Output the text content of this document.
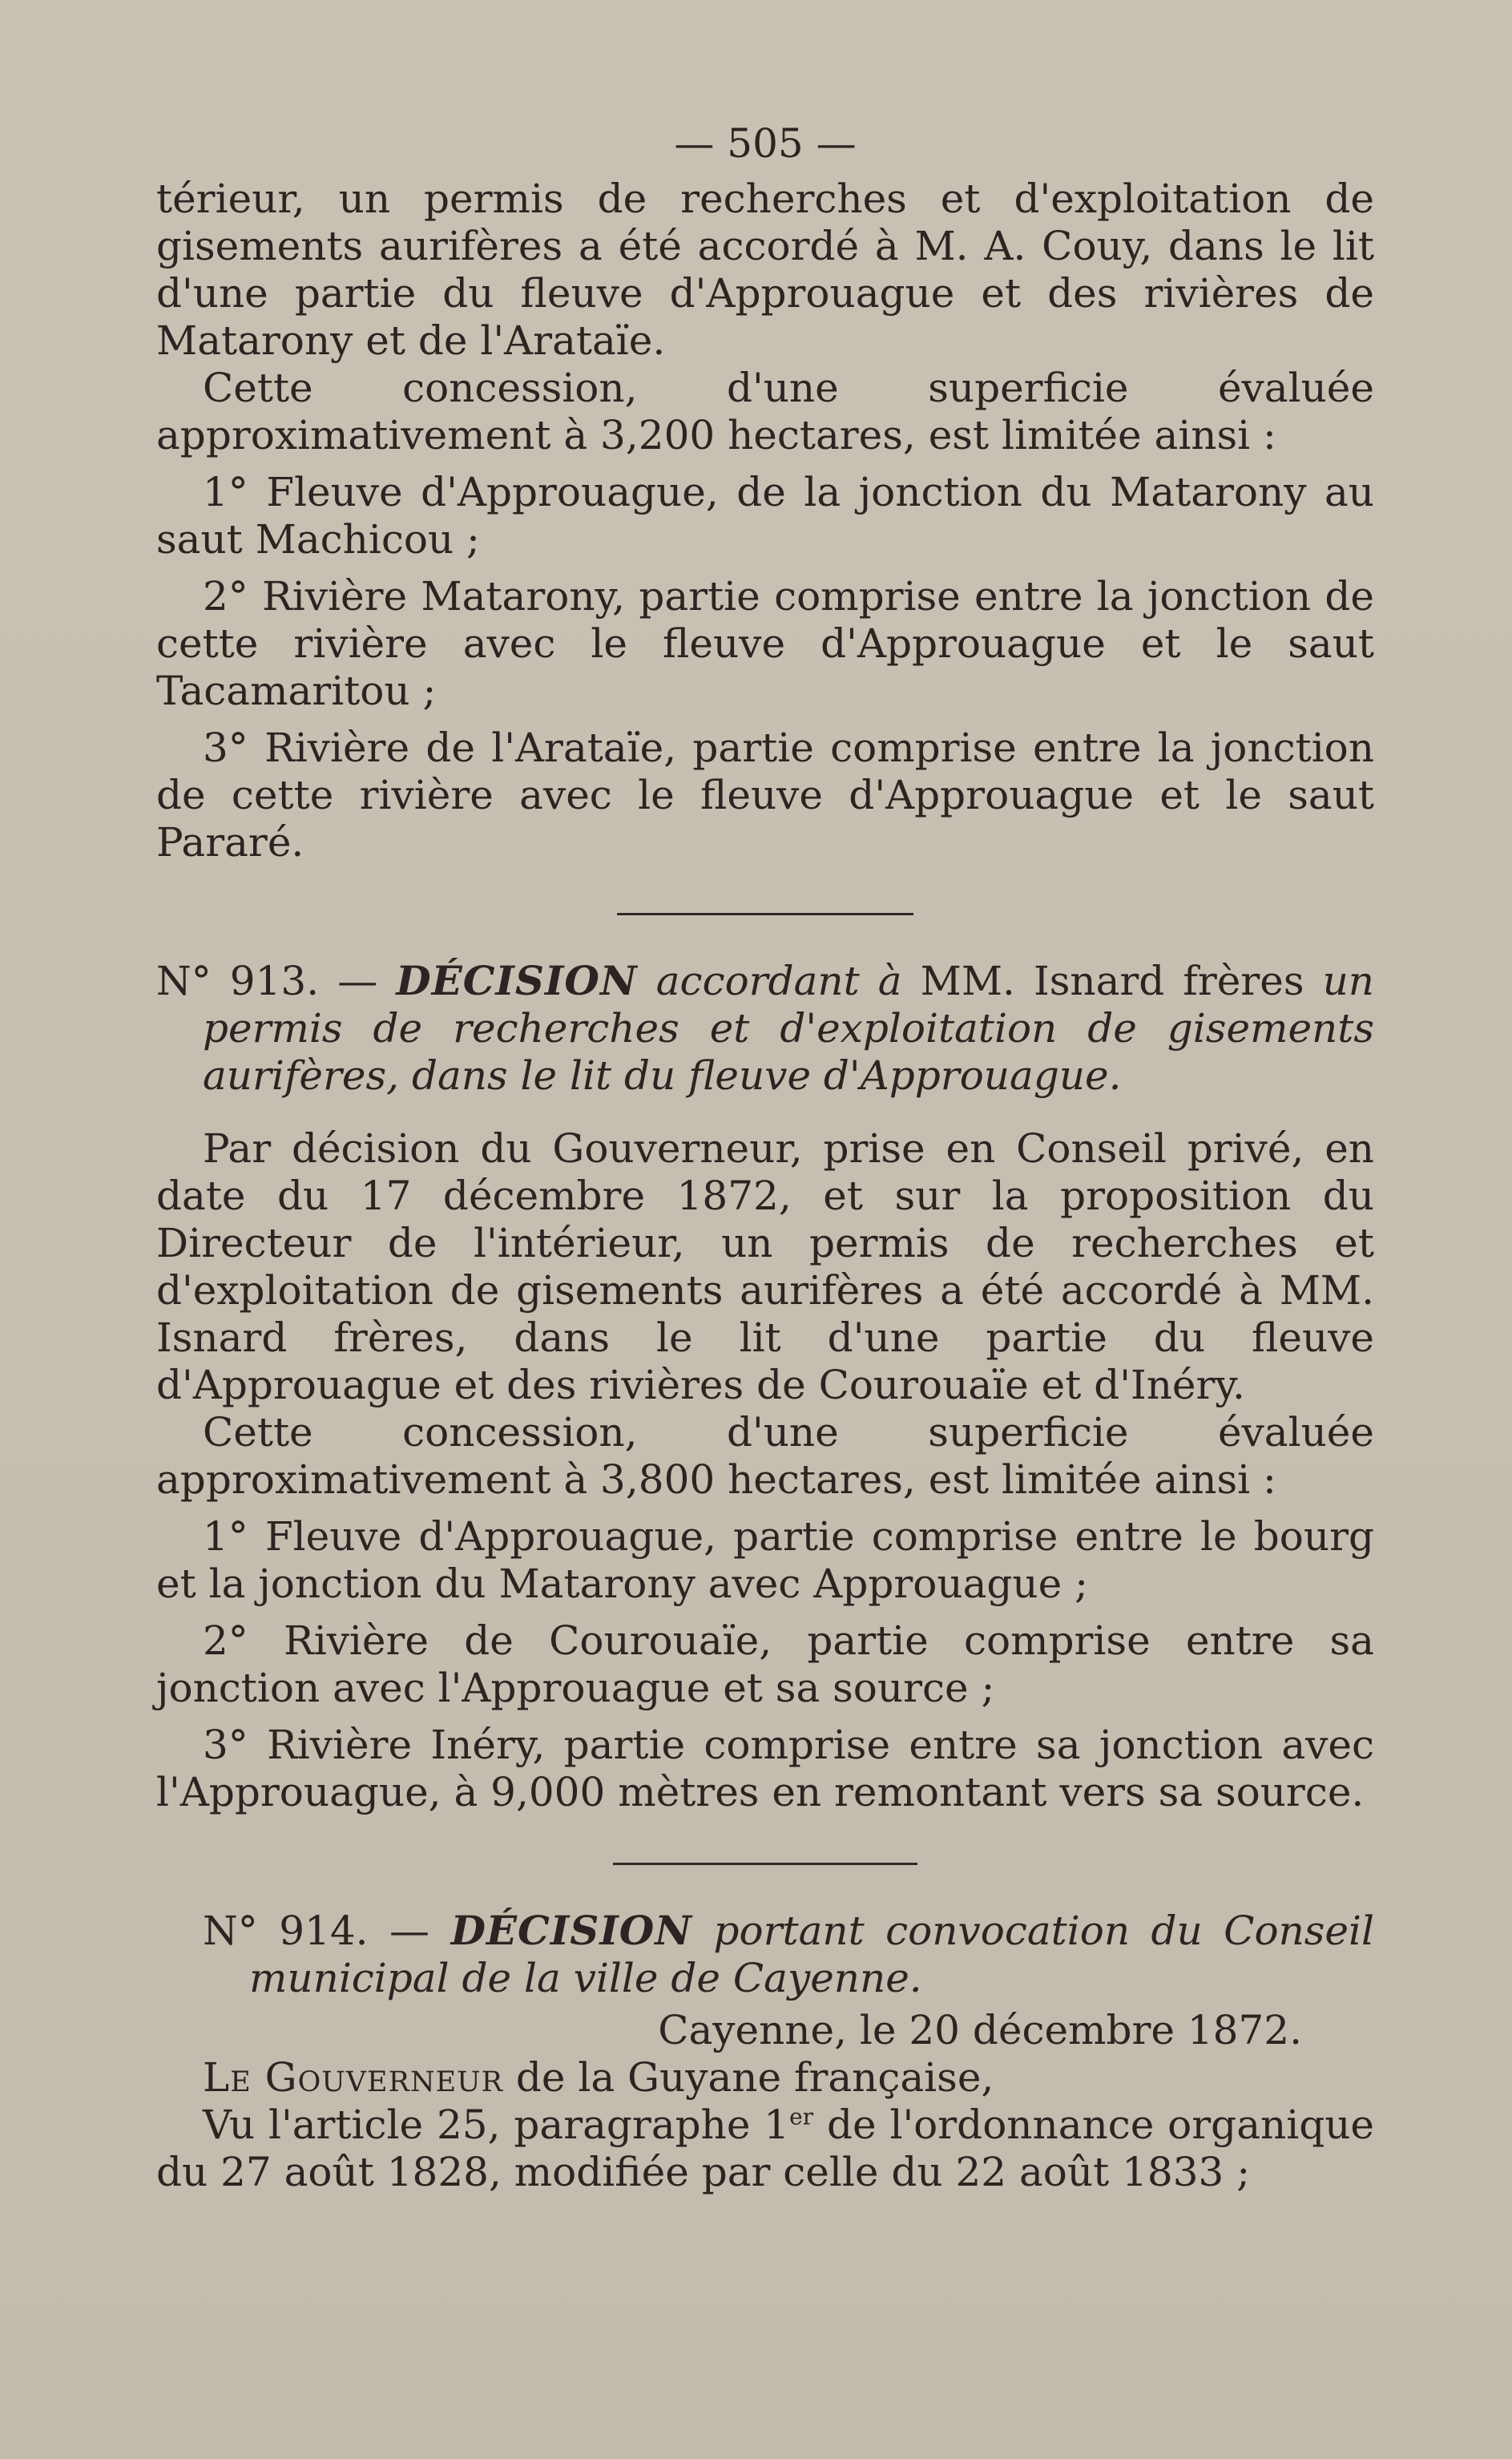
— 505 —

térieur, un permis de recherches et d'exploitation de gisements aurifères a été accordé à M. A. Couy, dans le lit d'une partie du fleuve d'Approuague et des rivières de Matarony et de l'Arataïe.

Cette concession, d'une superficie évaluée approximativement à 3,200 hectares, est limitée ainsi :

1° Fleuve d'Approuague, de la jonction du Matarony au saut Machicou ;

2° Rivière Matarony, partie comprise entre la jonction de cette rivière avec le fleuve d'Approuague et le saut Tacamaritou ;

3° Rivière de l'Arataïe, partie comprise entre la jonction de cette rivière avec le fleuve d'Approuague et le saut Pararé.

N° 913. — DÉCISION accordant à MM. Isnard frères un permis de recherches et d'exploitation de gisements aurifères, dans le lit du fleuve d'Approuague.

Par décision du Gouverneur, prise en Conseil privé, en date du 17 décembre 1872, et sur la proposition du Directeur de l'intérieur, un permis de recherches et d'exploitation de gisements aurifères a été accordé à MM. Isnard frères, dans le lit d'une partie du fleuve d'Approuague et des rivières de Courouaïe et d'Inéry.

Cette concession, d'une superficie évaluée approximativement à 3,800 hectares, est limitée ainsi :

1° Fleuve d'Approuague, partie comprise entre le bourg et la jonction du Matarony avec Approuague ;

2° Rivière de Courouaïe, partie comprise entre sa jonction avec l'Approuague et sa source ;

3° Rivière Inéry, partie comprise entre sa jonction avec l'Approuague, à 9,000 mètres en remontant vers sa source.

N° 914. — DÉCISION portant convocation du Conseil municipal de la ville de Cayenne.

Cayenne, le 20 décembre 1872.

Le Gouverneur de la Guyane française,

Vu l'article 25, paragraphe 1er de l'ordonnance organique du 27 août 1828, modifiée par celle du 22 août 1833 ;
